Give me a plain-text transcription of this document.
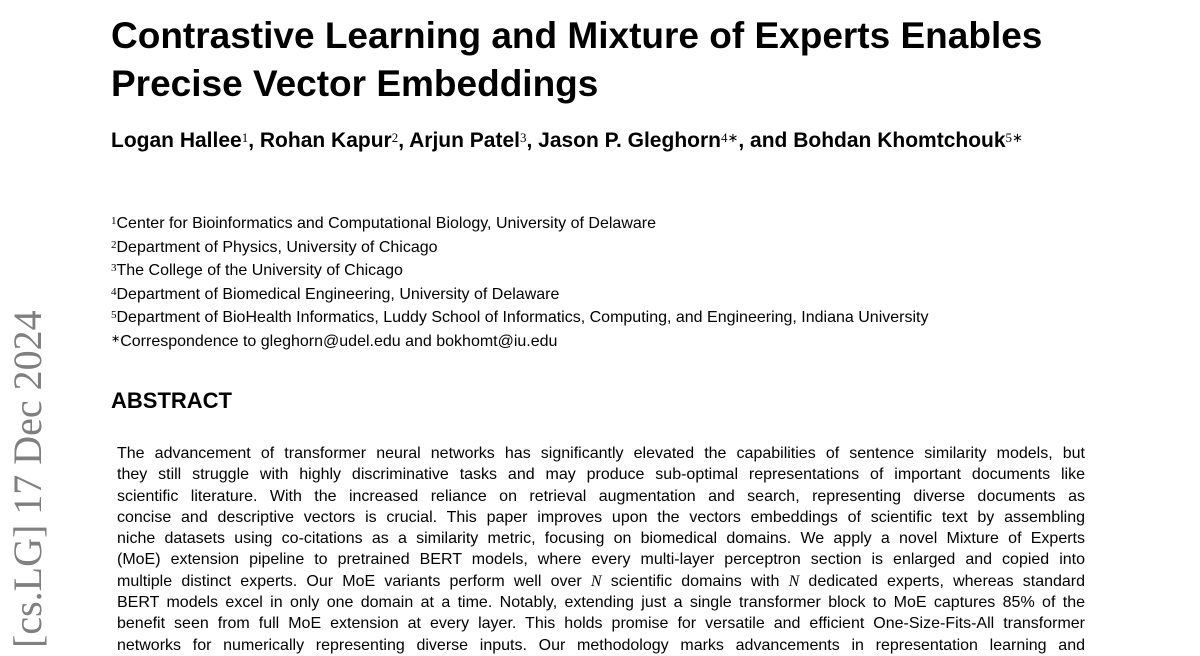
[cs.LG] 17 Dec 2024
Contrastive Learning and Mixture of Experts Enables
Precise Vector Embeddings
Logan Hallee$^1$, Rohan Kapur$^2$, Arjun Patel$^3$, Jason P. Gleghorn$^{4∗}$, and Bohdan Khomtchouk$^{5∗}$
$^1$Center for Bioinformatics and Computational Biology, University of Delaware
$^2$Department of Physics, University of Chicago
$^3$The College of the University of Chicago
$^4$Department of Biomedical Engineering, University of Delaware
$^5$Department of BioHealth Informatics, Luddy School of Informatics, Computing, and Engineering, Indiana University
∗Correspondence to gleghorn@udel.edu and bokhomt@iu.edu
ABSTRACT
The advancement of transformer neural networks has significantly elevated the capabilities of sentence similarity models, but
they still struggle with highly discriminative tasks and may produce sub-optimal representations of important documents like
scientific literature. With the increased reliance on retrieval augmentation and search, representing diverse documents as
concise and descriptive vectors is crucial. This paper improves upon the vectors embeddings of scientific text by assembling
niche datasets using co-citations as a similarity metric, focusing on biomedical domains. We apply a novel Mixture of Experts
(MoE) extension pipeline to pretrained BERT models, where every multi-layer perceptron section is enlarged and copied into
multiple distinct experts. Our MoE variants perform well over N scientific domains with N dedicated experts, whereas standard
BERT models excel in only one domain at a time. Notably, extending just a single transformer block to MoE captures 85% of the
benefit seen from full MoE extension at every layer. This holds promise for versatile and efficient One-Size-Fits-All transformer
networks for numerically representing diverse inputs. Our methodology marks advancements in representation learning and
